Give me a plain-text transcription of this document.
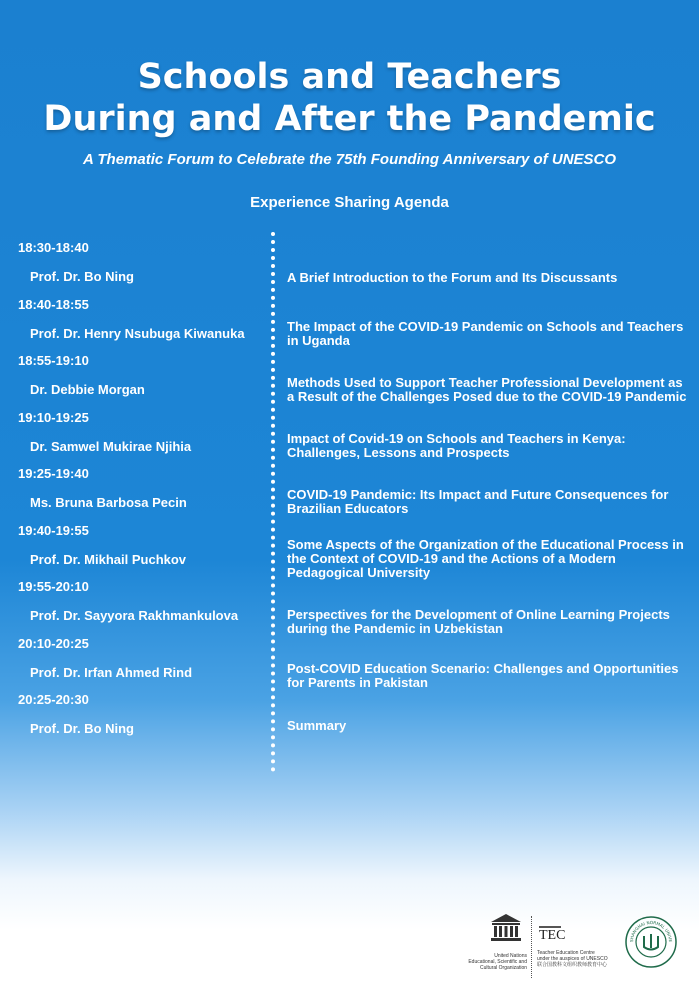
Schools and Teachers
During and After the Pandemic
A Thematic Forum to Celebrate the 75th Founding Anniversary of UNESCO
Experience Sharing Agenda
18:30-18:40
Prof. Dr. Bo Ning
18:40-18:55
Prof. Dr. Henry Nsubuga Kiwanuka
18:55-19:10
Dr. Debbie Morgan
19:10-19:25
Dr. Samwel Mukirae Njihia
19:25-19:40
Ms. Bruna Barbosa Pecin
19:40-19:55
Prof. Dr. Mikhail Puchkov
19:55-20:10
Prof. Dr. Sayyora Rakhmankulova
20:10-20:25
Prof. Dr. Irfan Ahmed Rind
20:25-20:30
Prof. Dr. Bo Ning
A Brief Introduction to the Forum and Its Discussants
The Impact of the COVID-19 Pandemic on Schools and Teachers in Uganda
Methods Used to Support Teacher Professional Development as a Result of the Challenges Posed due to the COVID-19 Pandemic
Impact of Covid-19 on Schools and Teachers in Kenya: Challenges, Lessons and Prospects
COVID-19 Pandemic: Its Impact and Future Consequences for Brazilian Educators
Some Aspects of the Organization of the Educational Process in the Context of COVID-19 and the Actions of a Modern Pedagogical University
Perspectives for the Development of Online Learning Projects during the Pandemic in Uzbekistan
Post-COVID Education Scenario: Challenges and Opportunities for Parents in Pakistan
Summary
United Nations
Educational, Scientific and
Cultural Organization
TEC
Teacher Education Centre
under the auspices of UNESCO
联合国教科文组织教师教育中心
SHANGHAI NORMAL UNIVE
